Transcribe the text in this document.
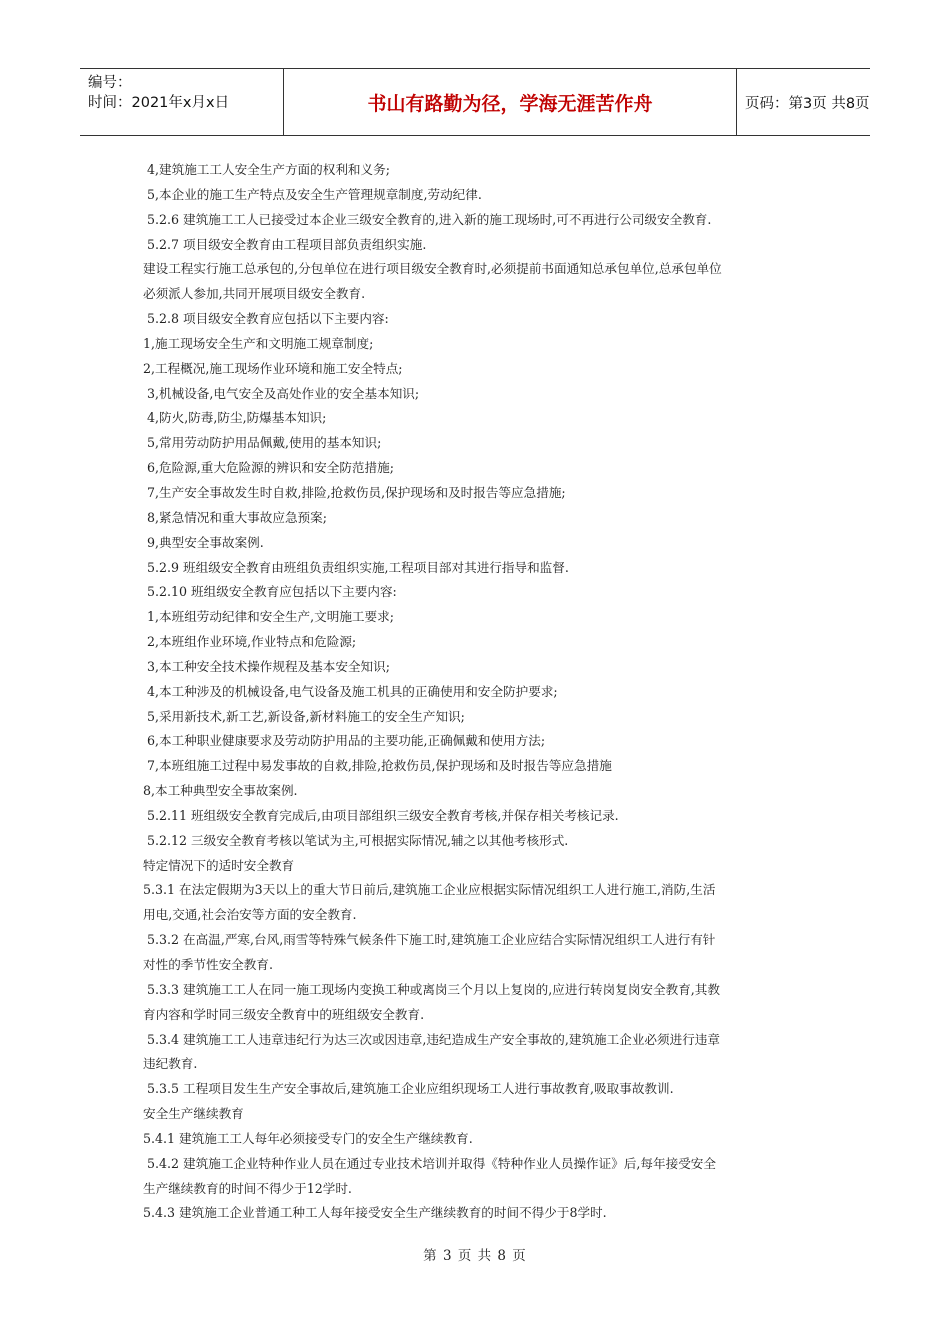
编号：
时间：2021年x月x日	书山有路勤为径，学海无涯苦作舟	页码：第3页 共8页
4,建筑施工工人安全生产方面的权利和义务;
5,本企业的施工生产特点及安全生产管理规章制度,劳动纪律.
5.2.6 建筑施工工人已接受过本企业三级安全教育的,进入新的施工现场时,可不再进行公司级安全教育.
5.2.7 项目级安全教育由工程项目部负责组织实施.
建设工程实行施工总承包的,分包单位在进行项目级安全教育时,必须提前书面通知总承包单位,总承包单位
必须派人参加,共同开展项目级安全教育.
5.2.8 项目级安全教育应包括以下主要内容:
1,施工现场安全生产和文明施工规章制度;
2,工程概况,施工现场作业环境和施工安全特点;
3,机械设备,电气安全及高处作业的安全基本知识;
4,防火,防毒,防尘,防爆基本知识;
5,常用劳动防护用品佩戴,使用的基本知识;
6,危险源,重大危险源的辨识和安全防范措施;
7,生产安全事故发生时自救,排险,抢救伤员,保护现场和及时报告等应急措施;
8,紧急情况和重大事故应急预案;
9,典型安全事故案例.
5.2.9 班组级安全教育由班组负责组织实施,工程项目部对其进行指导和监督.
5.2.10 班组级安全教育应包括以下主要内容:
1,本班组劳动纪律和安全生产,文明施工要求;
2,本班组作业环境,作业特点和危险源;
3,本工种安全技术操作规程及基本安全知识;
4,本工种涉及的机械设备,电气设备及施工机具的正确使用和安全防护要求;
5,采用新技术,新工艺,新设备,新材料施工的安全生产知识;
6,本工种职业健康要求及劳动防护用品的主要功能,正确佩戴和使用方法;
7,本班组施工过程中易发事故的自救,排险,抢救伤员,保护现场和及时报告等应急措施
8,本工种典型安全事故案例.
5.2.11 班组级安全教育完成后,由项目部组织三级安全教育考核,并保存相关考核记录.
5.2.12 三级安全教育考核以笔试为主,可根据实际情况,辅之以其他考核形式.
特定情况下的适时安全教育
5.3.1 在法定假期为3天以上的重大节日前后,建筑施工企业应根据实际情况组织工人进行施工,消防,生活
用电,交通,社会治安等方面的安全教育.
5.3.2 在高温,严寒,台风,雨雪等特殊气候条件下施工时,建筑施工企业应结合实际情况组织工人进行有针
对性的季节性安全教育.
5.3.3 建筑施工工人在同一施工现场内变换工种或离岗三个月以上复岗的,应进行转岗复岗安全教育,其教
育内容和学时同三级安全教育中的班组级安全教育.
5.3.4 建筑施工工人违章违纪行为达三次或因违章,违纪造成生产安全事故的,建筑施工企业必须进行违章
违纪教育.
5.3.5 工程项目发生生产安全事故后,建筑施工企业应组织现场工人进行事故教育,吸取事故教训.
安全生产继续教育
5.4.1 建筑施工工人每年必须接受专门的安全生产继续教育.
5.4.2 建筑施工企业特种作业人员在通过专业技术培训并取得《特种作业人员操作证》后,每年接受安全
生产继续教育的时间不得少于12学时.
5.4.3 建筑施工企业普通工种工人每年接受安全生产继续教育的时间不得少于8学时.
第 3 页 共 8 页
